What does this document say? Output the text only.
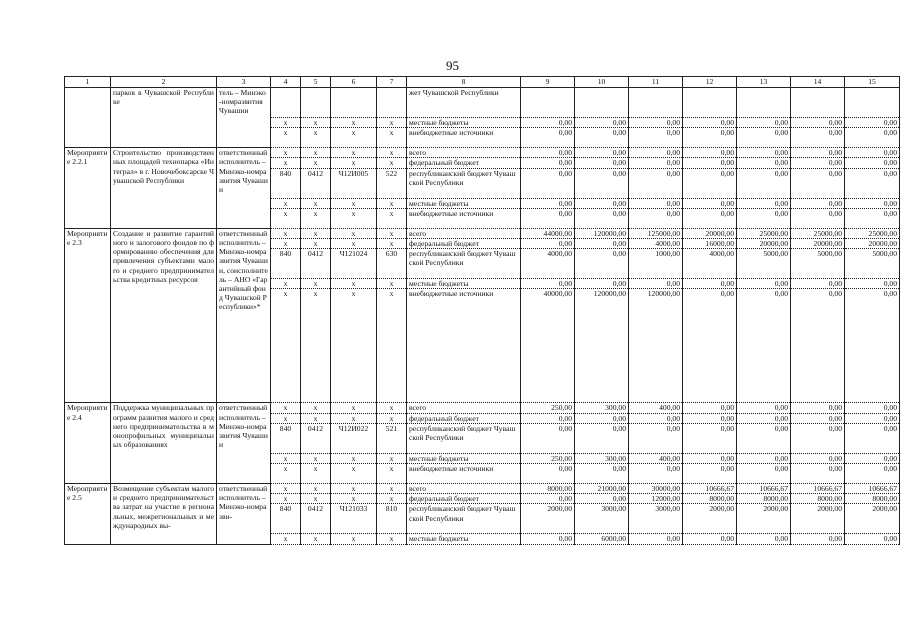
95
1	2	3	4	5	6	7	8	9	10	11	12	13	14	15
	парков в Чувашской Республике	тель – Минэко-номразвития Чувашии					жет Чувашской Республики							
			х	х	х	х	местные бюджеты	0,00	0,00	0,00	0,00	0,00	0,00	0,00
			х	х	х	х	внебюджетные источники	0,00	0,00	0,00	0,00	0,00	0,00	0,00
Мероприятие 2.2.1	Строительство производственных площадей технопарка «Интеграл» в г. Новочебоксарске Чувашской Республики	ответственный исполнитель – Минэко-номразвития Чувашии	х	х	х	х	всего	0,00	0,00	0,00	0,00	0,00	0,00	0,00
			х	х	х	х	федеральный бюджет	0,00	0,00	0,00	0,00	0,00	0,00	0,00
			840	0412	Ч12И005	522	республиканский бюджет Чувашской Республики	0,00	0,00	0,00	0,00	0,00	0,00	0,00
			х	х	х	х	местные бюджеты	0,00	0,00	0,00	0,00	0,00	0,00	0,00
			х	х	х	х	внебюджетные источники	0,00	0,00	0,00	0,00	0,00	0,00	0,00
Мероприятие 2.3	Создание и развитие гарантийного и залогового фондов по формированию обеспечения для привлечения субъектами малого и среднего предпринимательства кредитных ресурсов	ответственный исполнитель – Минэко-номразвития Чувашии, соисполнитель – АНО «Гарантийный фонд Чувашской Республики»*	х	х	х	х	всего	44000,00	120000,00	125000,00	20000,00	25000,00	25000,00	25000,00
			х	х	х	х	федеральный бюджет	0,00	0,00	4000,00	16000,00	20000,00	20000,00	20000,00
			840	0412	Ч121024	630	республиканский бюджет Чувашской Республики	4000,00	0,00	1000,00	4000,00	5000,00	5000,00	5000,00
			х	х	х	х	местные бюджеты	0,00	0,00	0,00	0,00	0,00	0,00	0,00
			х	х	х	х	внебюджетные источники	40000,00	120000,00	120000,00	0,00	0,00	0,00	0,00
Мероприятие 2.4	Поддержка муниципальных программ развития малого и среднего предпринимательства в монопрофильных муниципальных образованиях	ответственный исполнитель – Минэко-номразвития Чувашии	х	х	х	х	всего	250,00	300,00	400,00	0,00	0,00	0,00	0,00
			х	х	х	х	федеральный бюджет	0,00	0,00	0,00	0,00	0,00	0,00	0,00
			840	0412	Ч12И022	521	республиканский бюджет Чувашской Республики	0,00	0,00	0,00	0,00	0,00	0,00	0,00
			х	х	х	х	местные бюджеты	250,00	300,00	400,00	0,00	0,00	0,00	0,00
			х	х	х	х	внебюджетные источники	0,00	0,00	0,00	0,00	0,00	0,00	0,00
Мероприятие 2.5	Возмещение субъектам малого и среднего предпринимательства затрат на участие в региональных, межрегиональных и международных вы-	ответственный исполнитель – Минэко-номразви-	х	х	х	х	всего	8000,00	21000,00	30000,00	10666,67	10666,67	10666,67	10666,67
			х	х	х	х	федеральный бюджет	0,00	0,00	12000,00	8000,00	8000,00	8000,00	8000,00
			840	0412	Ч121033	810	республиканский бюджет Чувашской Республики	2000,00	3000,00	3000,00	2000,00	2000,00	2000,00	2000,00
			х	х	х	х	местные бюджеты	0,00	6000,00	0,00	0,00	0,00	0,00	0,00
